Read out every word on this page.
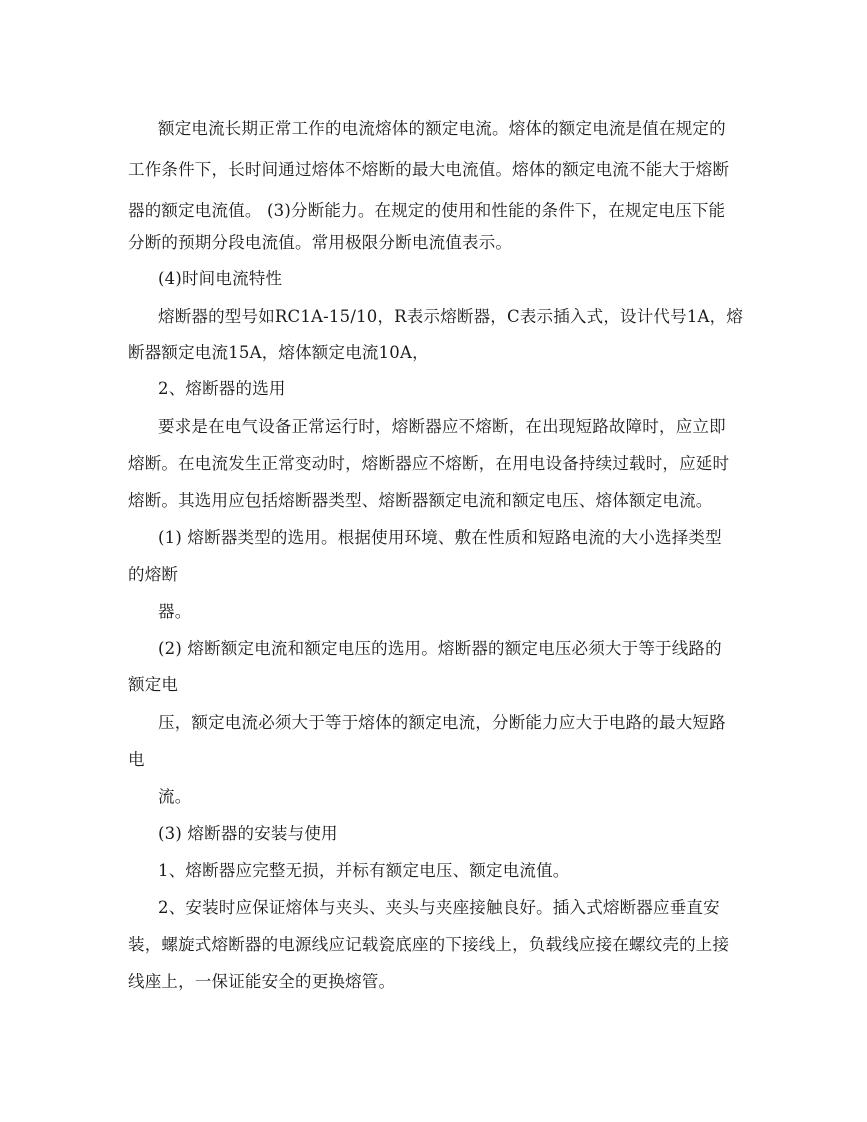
额定电流长期正常工作的电流熔体的额定电流。熔体的额定电流是值在规定的
工作条件下，长时间通过熔体不熔断的最大电流值。熔体的额定电流不能大于熔断
器的额定电流值。 (3)分断能力。在规定的使用和性能的条件下，在规定电压下能
分断的预期分段电流值。常用极限分断电流值表示。
(4)时间电流特性
熔断器的型号如RC1A-15/10，R表示熔断器，C表示插入式，设计代号1A，熔
断器额定电流15A，熔体额定电流10A，
2、熔断器的选用
要求是在电气设备正常运行时，熔断器应不熔断，在出现短路故障时，应立即
熔断。在电流发生正常变动时，熔断器应不熔断，在用电设备持续过载时，应延时
熔断。其选用应包括熔断器类型、熔断器额定电流和额定电压、熔体额定电流。
(1) 熔断器类型的选用。根据使用环境、敷在性质和短路电流的大小选择类型
的熔断
器。
(2) 熔断额定电流和额定电压的选用。熔断器的额定电压必须大于等于线路的
额定电
压，额定电流必须大于等于熔体的额定电流，分断能力应大于电路的最大短路
电
流。
(3) 熔断器的安装与使用
1、熔断器应完整无损，并标有额定电压、额定电流值。
2、安装时应保证熔体与夹头、夹头与夹座接触良好。插入式熔断器应垂直安
装，螺旋式熔断器的电源线应记载瓷底座的下接线上，负载线应接在螺纹壳的上接
线座上，一保证能安全的更换熔管。
